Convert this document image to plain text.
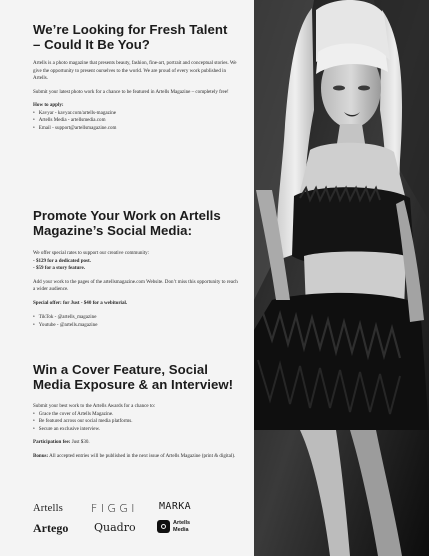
We’re Looking for Fresh Talent – Could It Be You?

Artells is a photo magazine that presents beauty, fashion, fine-art, portrait and conceptual stories. We give the opportunity to present ourselves to the world. We are proud of every work published in Artells.

Submit your latest photo work for a chance to be featured in Artells Magazine – completely free!

How to apply:

• Kavyar - kavyar.com/artells-magazine
• Artells Media - artellsmedia.com
• Email - support@artellsmagazine.com
Promote Your Work on Artells Magazine’s Social Media:

We offer special rates to support our creative community:

- $129 for a dedicated post.

- $59 for a story feature.

Add your work to the pages of the artellsmagazine.com Website. Don’t miss this opportunity to reach a wider audience.

Special offer: for Just - $40 for a webitorial.

• TikTok - @artells_magazine
• Youtube - @artells.magazine
Win a Cover Feature, Social Media Exposure & an Interview!

Submit your best work to the Artells Awards for a chance to:

• Grace the cover of Artells Magazine.
• Be featured across our social media platforms.
• Secure an exclusive interview.

Participation fee: Just $30.

Bonus: All accepted entries will be published in the next issue of Artells Magazine (print & digital).

Artells	FIGGI MARKA
Artego Quadro	Artells
Media
